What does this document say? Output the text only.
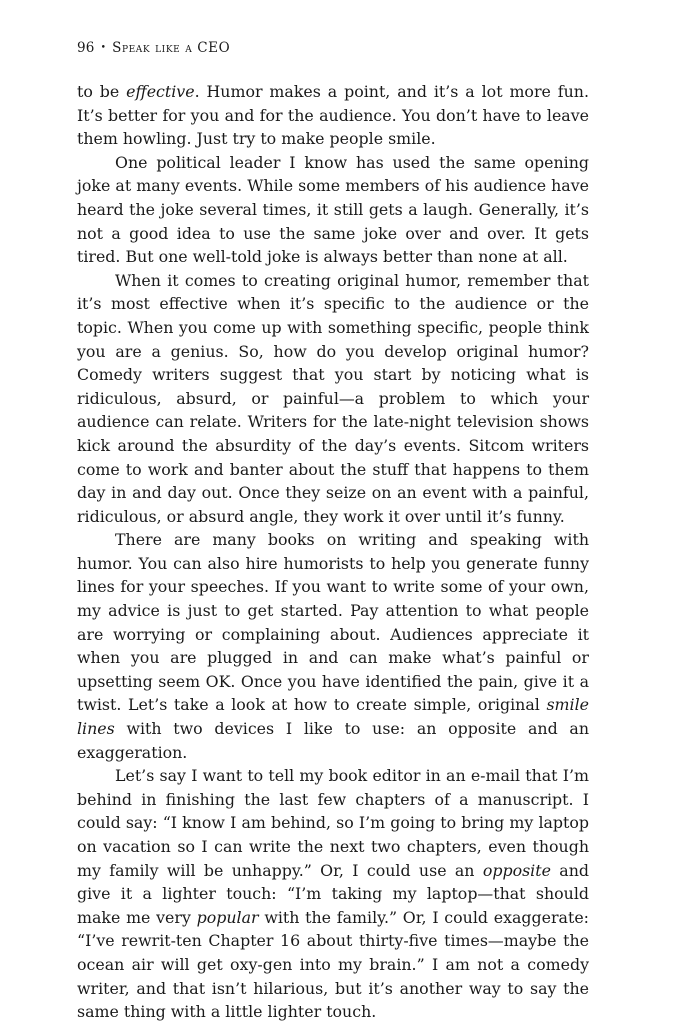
96 • Speak like a CEO

to be effective. Humor makes a point, and it’s a lot more fun. It’s better for you and for the audience. You don’t have to leave them howling. Just try to make people smile.

One political leader I know has used the same opening joke at many events. While some members of his audience have heard the joke several times, it still gets a laugh. Generally, it’s not a good idea to use the same joke over and over. It gets tired. But one well-told joke is always better than none at all.

When it comes to creating original humor, remember that it’s most effective when it’s specific to the audience or the topic. When you come up with something specific, people think you are a genius. So, how do you develop original humor? Comedy writers suggest that you start by noticing what is ridiculous, absurd, or painful—a problem to which your audience can relate. Writers for the late-night television shows kick around the absurdity of the day’s events. Sitcom writers come to work and banter about the stuff that happens to them day in and day out. Once they seize on an event with a painful, ridiculous, or absurd angle, they work it over until it’s funny.

There are many books on writing and speaking with humor. You can also hire humorists to help you generate funny lines for your speeches. If you want to write some of your own, my advice is just to get started. Pay attention to what people are worrying or complaining about. Audiences appreciate it when you are plugged in and can make what’s painful or upsetting seem OK. Once you have identified the pain, give it a twist. Let’s take a look at how to create simple, original smile lines with two devices I like to use: an opposite and an exaggeration.

Let’s say I want to tell my book editor in an e-mail that I’m behind in finishing the last few chapters of a manuscript. I could say: “I know I am behind, so I’m going to bring my laptop on vacation so I can write the next two chapters, even though my family will be unhappy.” Or, I could use an opposite and give it a lighter touch: “I’m taking my laptop—that should make me very popular with the family.” Or, I could exaggerate: “I’ve rewrit-ten Chapter 16 about thirty-five times—maybe the ocean air will get oxy-gen into my brain.” I am not a comedy writer, and that isn’t hilarious, but it’s another way to say the same thing with a little lighter touch.
